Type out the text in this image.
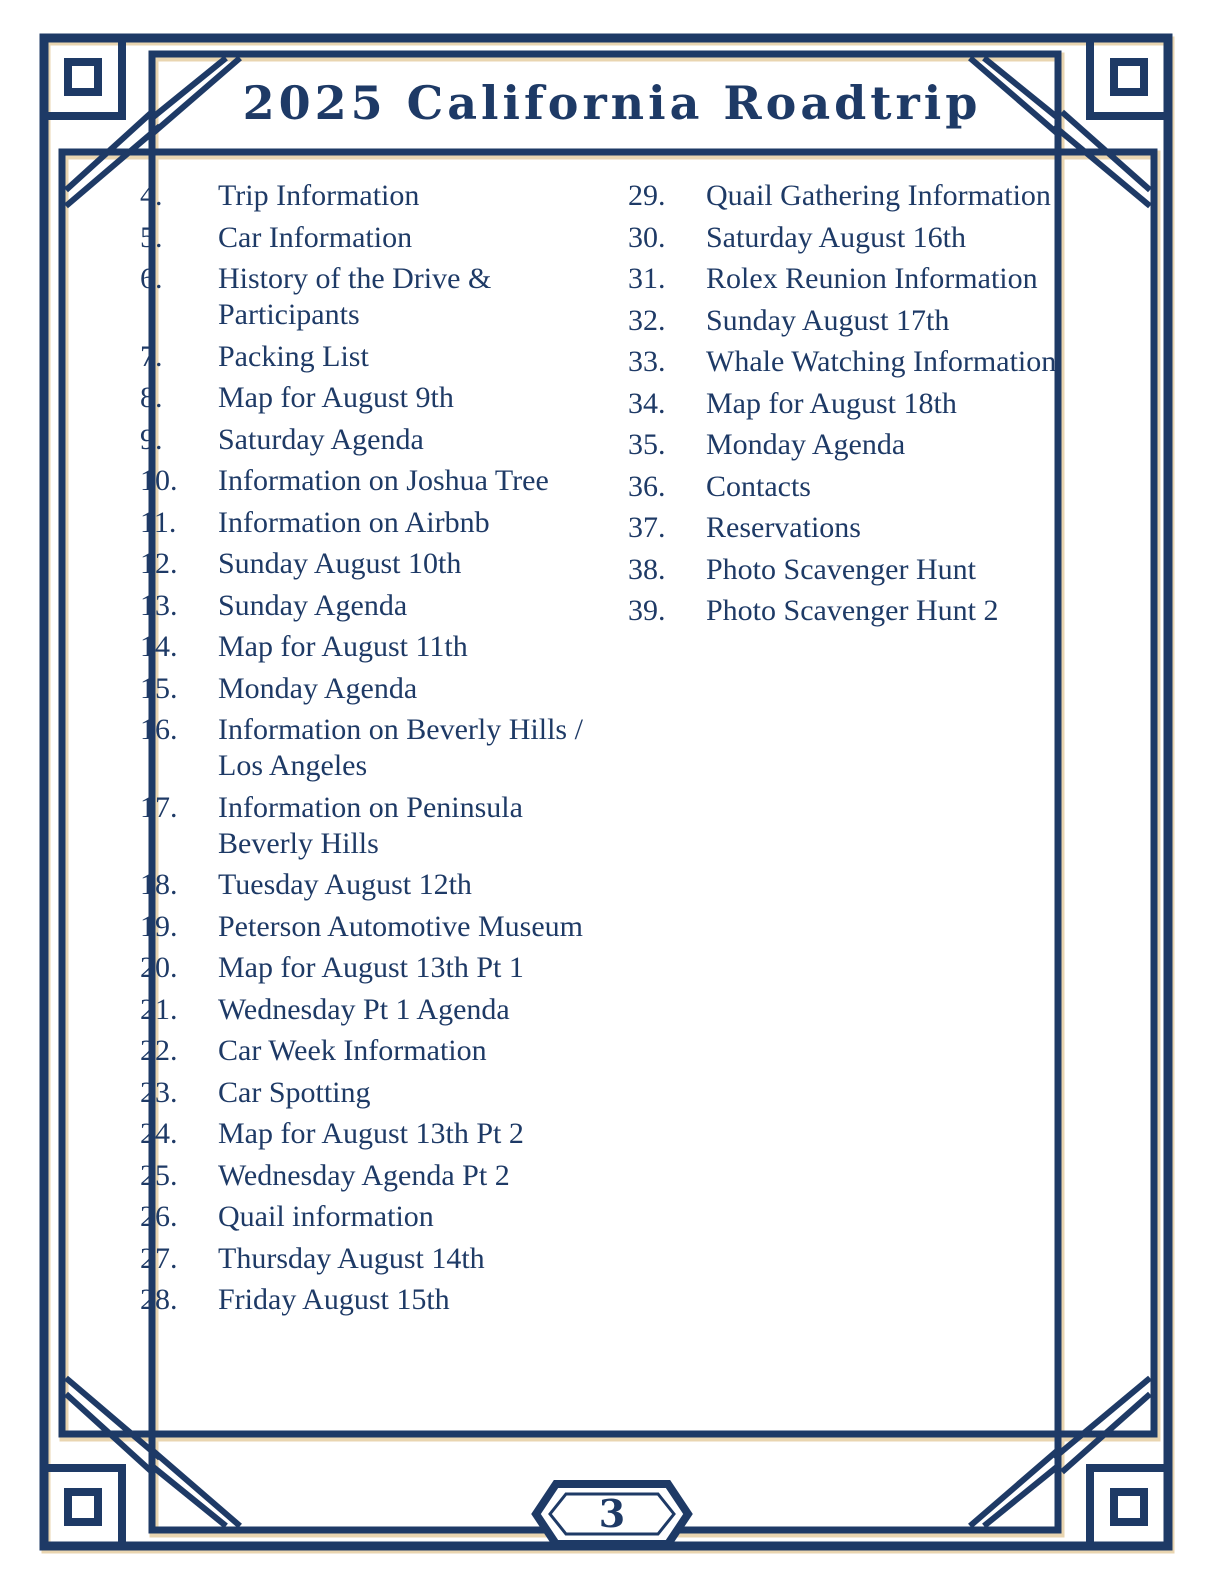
2025 California Roadtrip
4.	Trip Information
5.	Car Information
6.	History of the Drive & Participants
7.	Packing List
8.	Map for August 9th
9.	Saturday Agenda
10.	Information on Joshua Tree
11.	Information on Airbnb
12.	Sunday August 10th
13.	Sunday Agenda
14.	Map for August 11th
15.	Monday Agenda
16.	Information on Beverly Hills / Los Angeles
17.	Information on Peninsula Beverly Hills
18.	Tuesday August 12th
19.	Peterson Automotive Museum
20.	Map for August 13th Pt 1
21.	Wednesday Pt 1 Agenda
22.	Car Week Information
23.	Car Spotting
24.	Map for August 13th Pt 2
25.	Wednesday Agenda Pt 2
26.	Quail information
27.	Thursday August 14th
28.	Friday August 15th
29.	Quail Gathering Information
30.	Saturday August 16th
31.	Rolex Reunion Information
32.	Sunday August 17th
33.	Whale Watching Information
34.	Map for August 18th
35.	Monday Agenda
36.	Contacts
37.	Reservations
38.	Photo Scavenger Hunt
39.	Photo Scavenger Hunt 2
3
